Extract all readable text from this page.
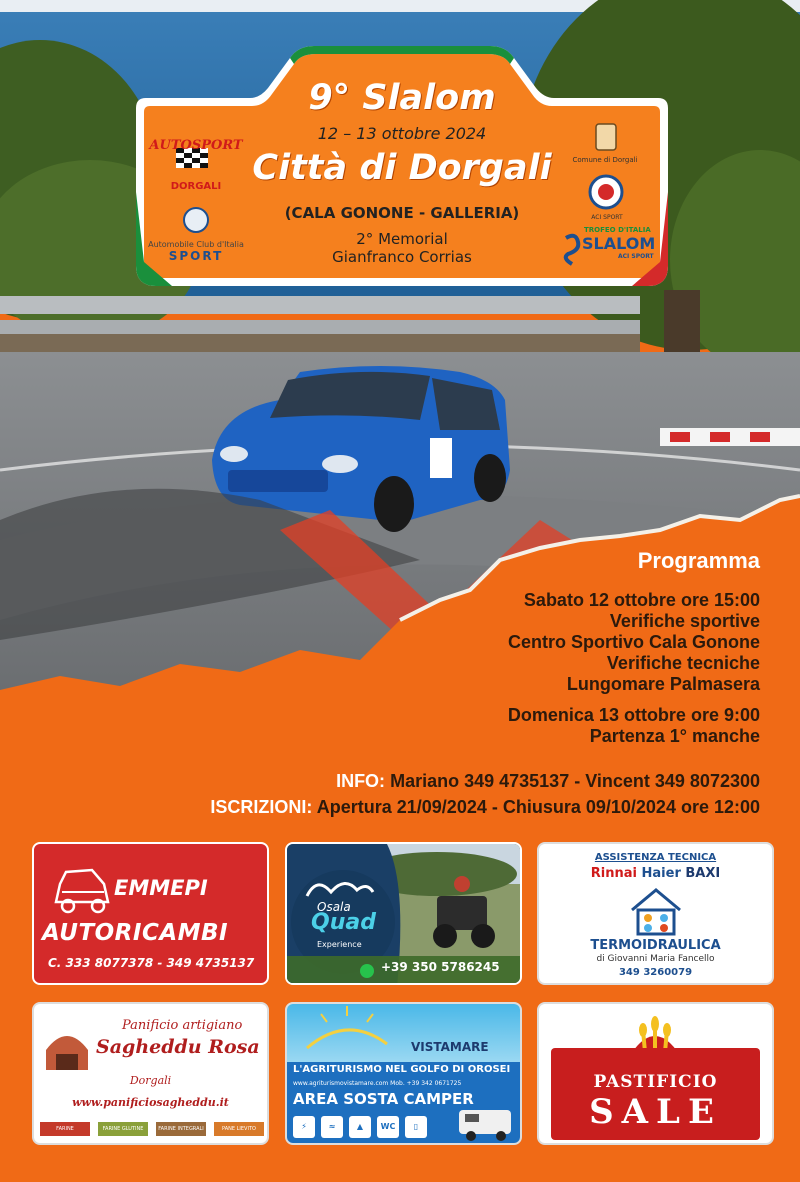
9° Slalom
12 – 13 ottobre 2024
Città di Dorgali
(CALA GONONE - GALLERIA)
2° Memorial
Gianfranco Corrias
AUTOSPORT
DORGALI
Automobile Club d'Italia
SPORT
Comune di Dorgali
ACI SPORT
TROFEO D'ITALIA
SLALOM
ACI SPORT
Programma
Sabato 12 ottobre ore 15:00
Verifiche sportive
Centro Sportivo Cala Gonone
Verifiche tecniche
Lungomare Palmasera
Domenica 13 ottobre ore 9:00
Partenza 1° manche
INFO: Mariano 349 4735137 - Vincent 349 8072300
ISCRIZIONI: Apertura 21/09/2024 - Chiusura 09/10/2024 ore 12:00
EMMEPI
AUTORICAMBI
C. 333 8077378 - 349 4735137
Osala
Quad
Experience
+39 350 5786245
ASSISTENZA TECNICA
Rinnai Haier BAXI
TERMOIDRAULICA
di Giovanni Maria Fancello
349 3260079
Panificio artigiano
Sagheddu Rosa
Dorgali
www.panificiosagheddu.it
FARINE TRADIZIONALI
FARINE GLUTINE	FARINE INTEGRALI	PANE LIEVITO MADRE
VISTAMARE
L'AGRITURISMO NEL GOLFO DI OROSEI
www.agriturismovistamare.com Mob. +39 342 0671725
AREA SOSTA CAMPER
⚡	≈	▲	WC	▯
PASTIFICIO
SALE
